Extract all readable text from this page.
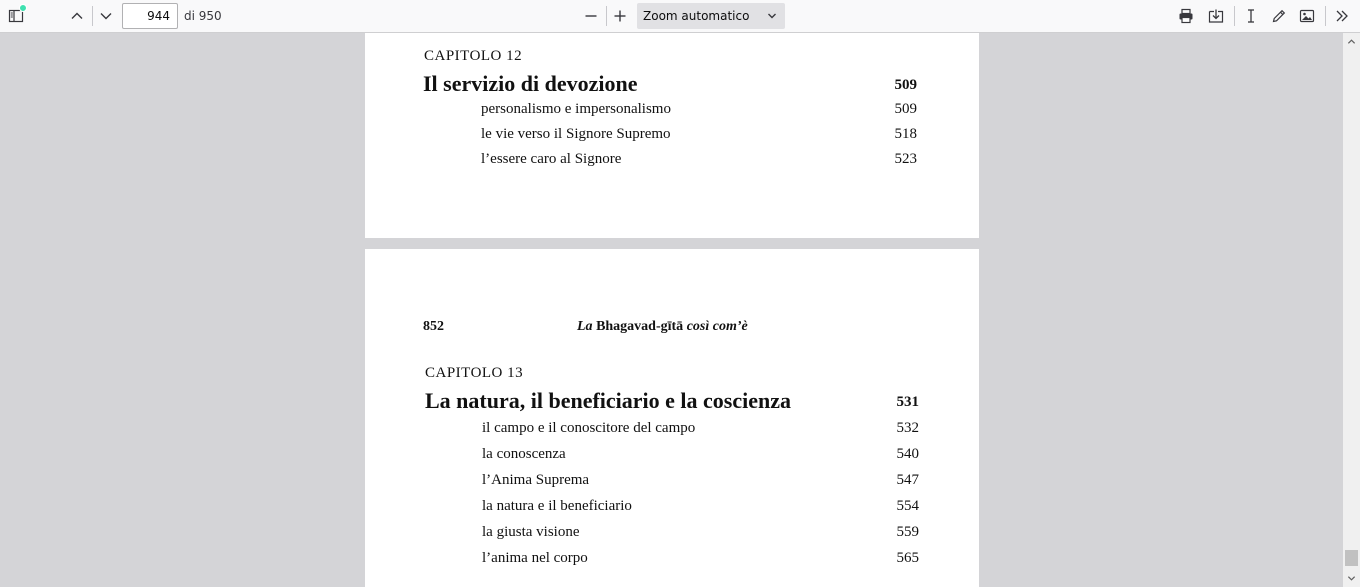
944	di 950	Zoom automatico
CAPITOLO 12
Il servizio di devozione	509
personalismo e impersonalismo	509
le vie verso il Signore Supremo	518
l’essere caro al Signore	523
852	La Bhagavad-gītā così com’è
CAPITOLO 13
La natura, il beneficiario e la coscienza	531
il campo e il conoscitore del campo	532
la conoscenza	540
l’Anima Suprema	547
la natura e il beneficiario	554
la giusta visione	559
l’anima nel corpo	565
